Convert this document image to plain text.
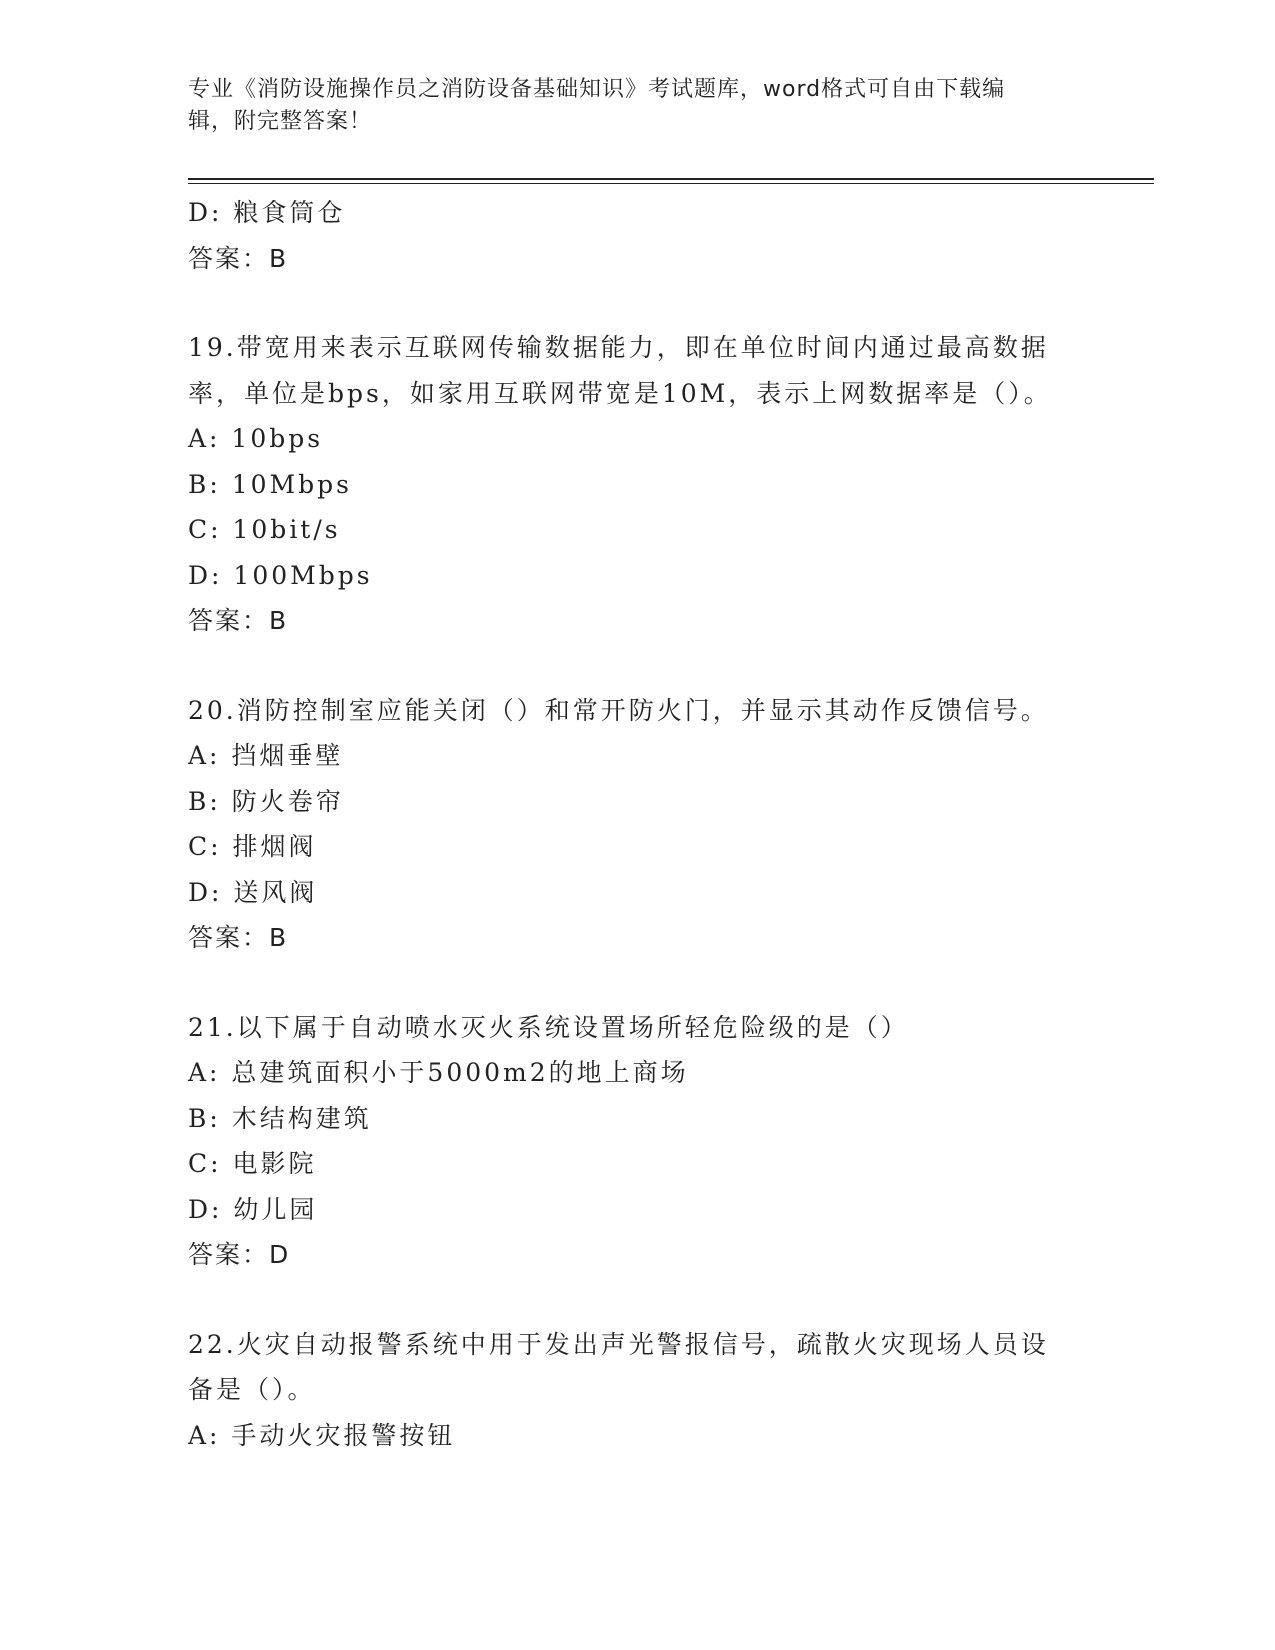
专业《消防设施操作员之消防设备基础知识》考试题库，word格式可自由下载编
辑，附完整答案！
D: 粮食筒仓
答案：B
19.带宽用来表示互联网传输数据能力，即在单位时间内通过最高数据
率，单位是bps，如家用互联网带宽是10M，表示上网数据率是（）。
A: 10bps
B: 10Mbps
C: 10bit/s
D: 100Mbps
答案：B
20.消防控制室应能关闭（）和常开防火门，并显示其动作反馈信号。
A: 挡烟垂壁
B: 防火卷帘
C: 排烟阀
D: 送风阀
答案：B
21.以下属于自动喷水灭火系统设置场所轻危险级的是（）
A: 总建筑面积小于5000m2的地上商场
B: 木结构建筑
C: 电影院
D: 幼儿园
答案：D
22.火灾自动报警系统中用于发出声光警报信号，疏散火灾现场人员设
备是（）。
A: 手动火灾报警按钮
